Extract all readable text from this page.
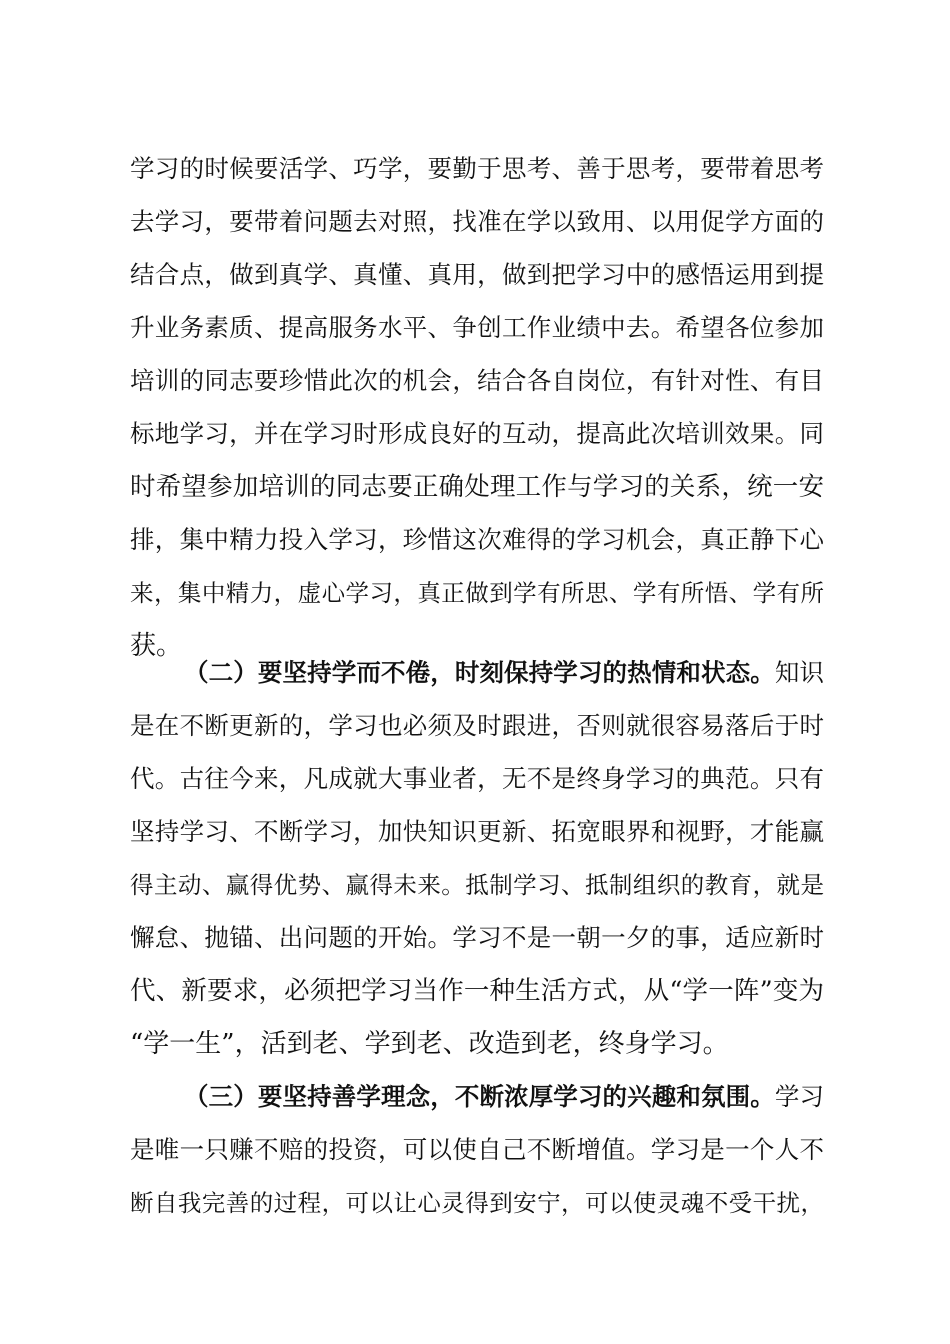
学习的时候要活学、巧学，要勤于思考、善于思考，要带着思考
去学习，要带着问题去对照，找准在学以致用、以用促学方面的
结合点，做到真学、真懂、真用，做到把学习中的感悟运用到提
升业务素质、提高服务水平、争创工作业绩中去。希望各位参加
培训的同志要珍惜此次的机会，结合各自岗位，有针对性、有目
标地学习，并在学习时形成良好的互动，提高此次培训效果。同
时希望参加培训的同志要正确处理工作与学习的关系，统一安
排，集中精力投入学习，珍惜这次难得的学习机会，真正静下心
来，集中精力，虚心学习，真正做到学有所思、学有所悟、学有所
获。
（二）要坚持学而不倦，时刻保持学习的热情和状态。知识
是在不断更新的，学习也必须及时跟进，否则就很容易落后于时
代。古往今来，凡成就大事业者，无不是终身学习的典范。只有
坚持学习、不断学习，加快知识更新、拓宽眼界和视野，才能赢
得主动、赢得优势、赢得未来。抵制学习、抵制组织的教育，就是
懈怠、抛锚、出问题的开始。学习不是一朝一夕的事，适应新时
代、新要求，必须把学习当作一种生活方式，从“学一阵”变为
“学一生”，活到老、学到老、改造到老，终身学习。
（三）要坚持善学理念，不断浓厚学习的兴趣和氛围。学习
是唯一只赚不赔的投资，可以使自己不断增值。学习是一个人不
断自我完善的过程，可以让心灵得到安宁，可以使灵魂不受干扰，
